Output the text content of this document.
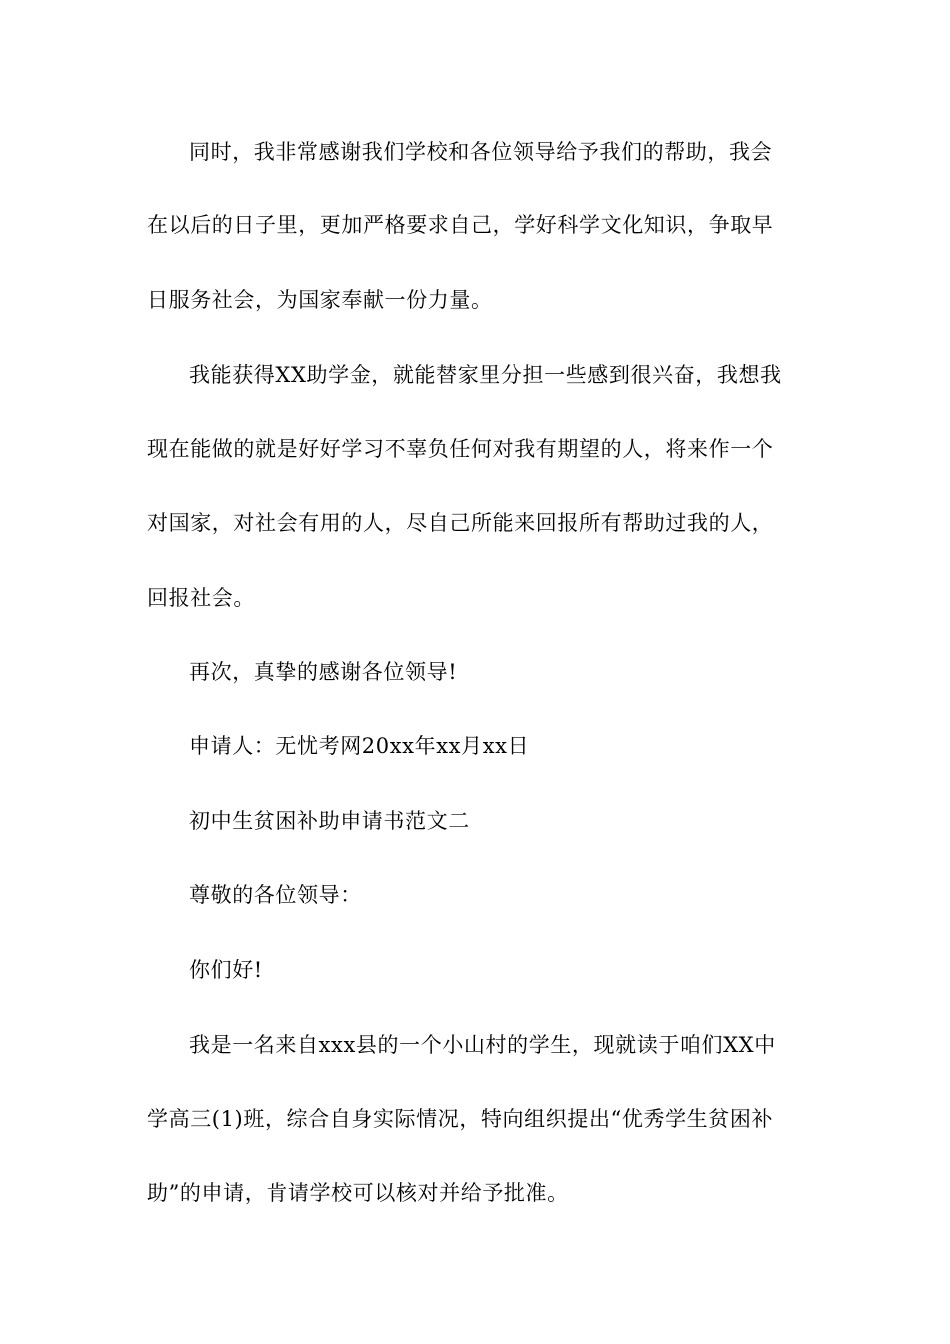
同时，我非常感谢我们学校和各位领导给予我们的帮助，我会
在以后的日子里，更加严格要求自己，学好科学文化知识，争取早
日服务社会，为国家奉献一份力量。
我能获得XX助学金，就能替家里分担一些感到很兴奋，我想我
现在能做的就是好好学习不辜负任何对我有期望的人，将来作一个
对国家，对社会有用的人，尽自己所能来回报所有帮助过我的人，
回报社会。
再次，真挚的感谢各位领导!
申请人：无忧考网20xx年xx月xx日
初中生贫困补助申请书范文二
尊敬的各位领导：
你们好!
我是一名来自xxx县的一个小山村的学生，现就读于咱们XX中
学高三(1)班，综合自身实际情况，特向组织提出“优秀学生贫困补
助”的申请，肯请学校可以核对并给予批准。
